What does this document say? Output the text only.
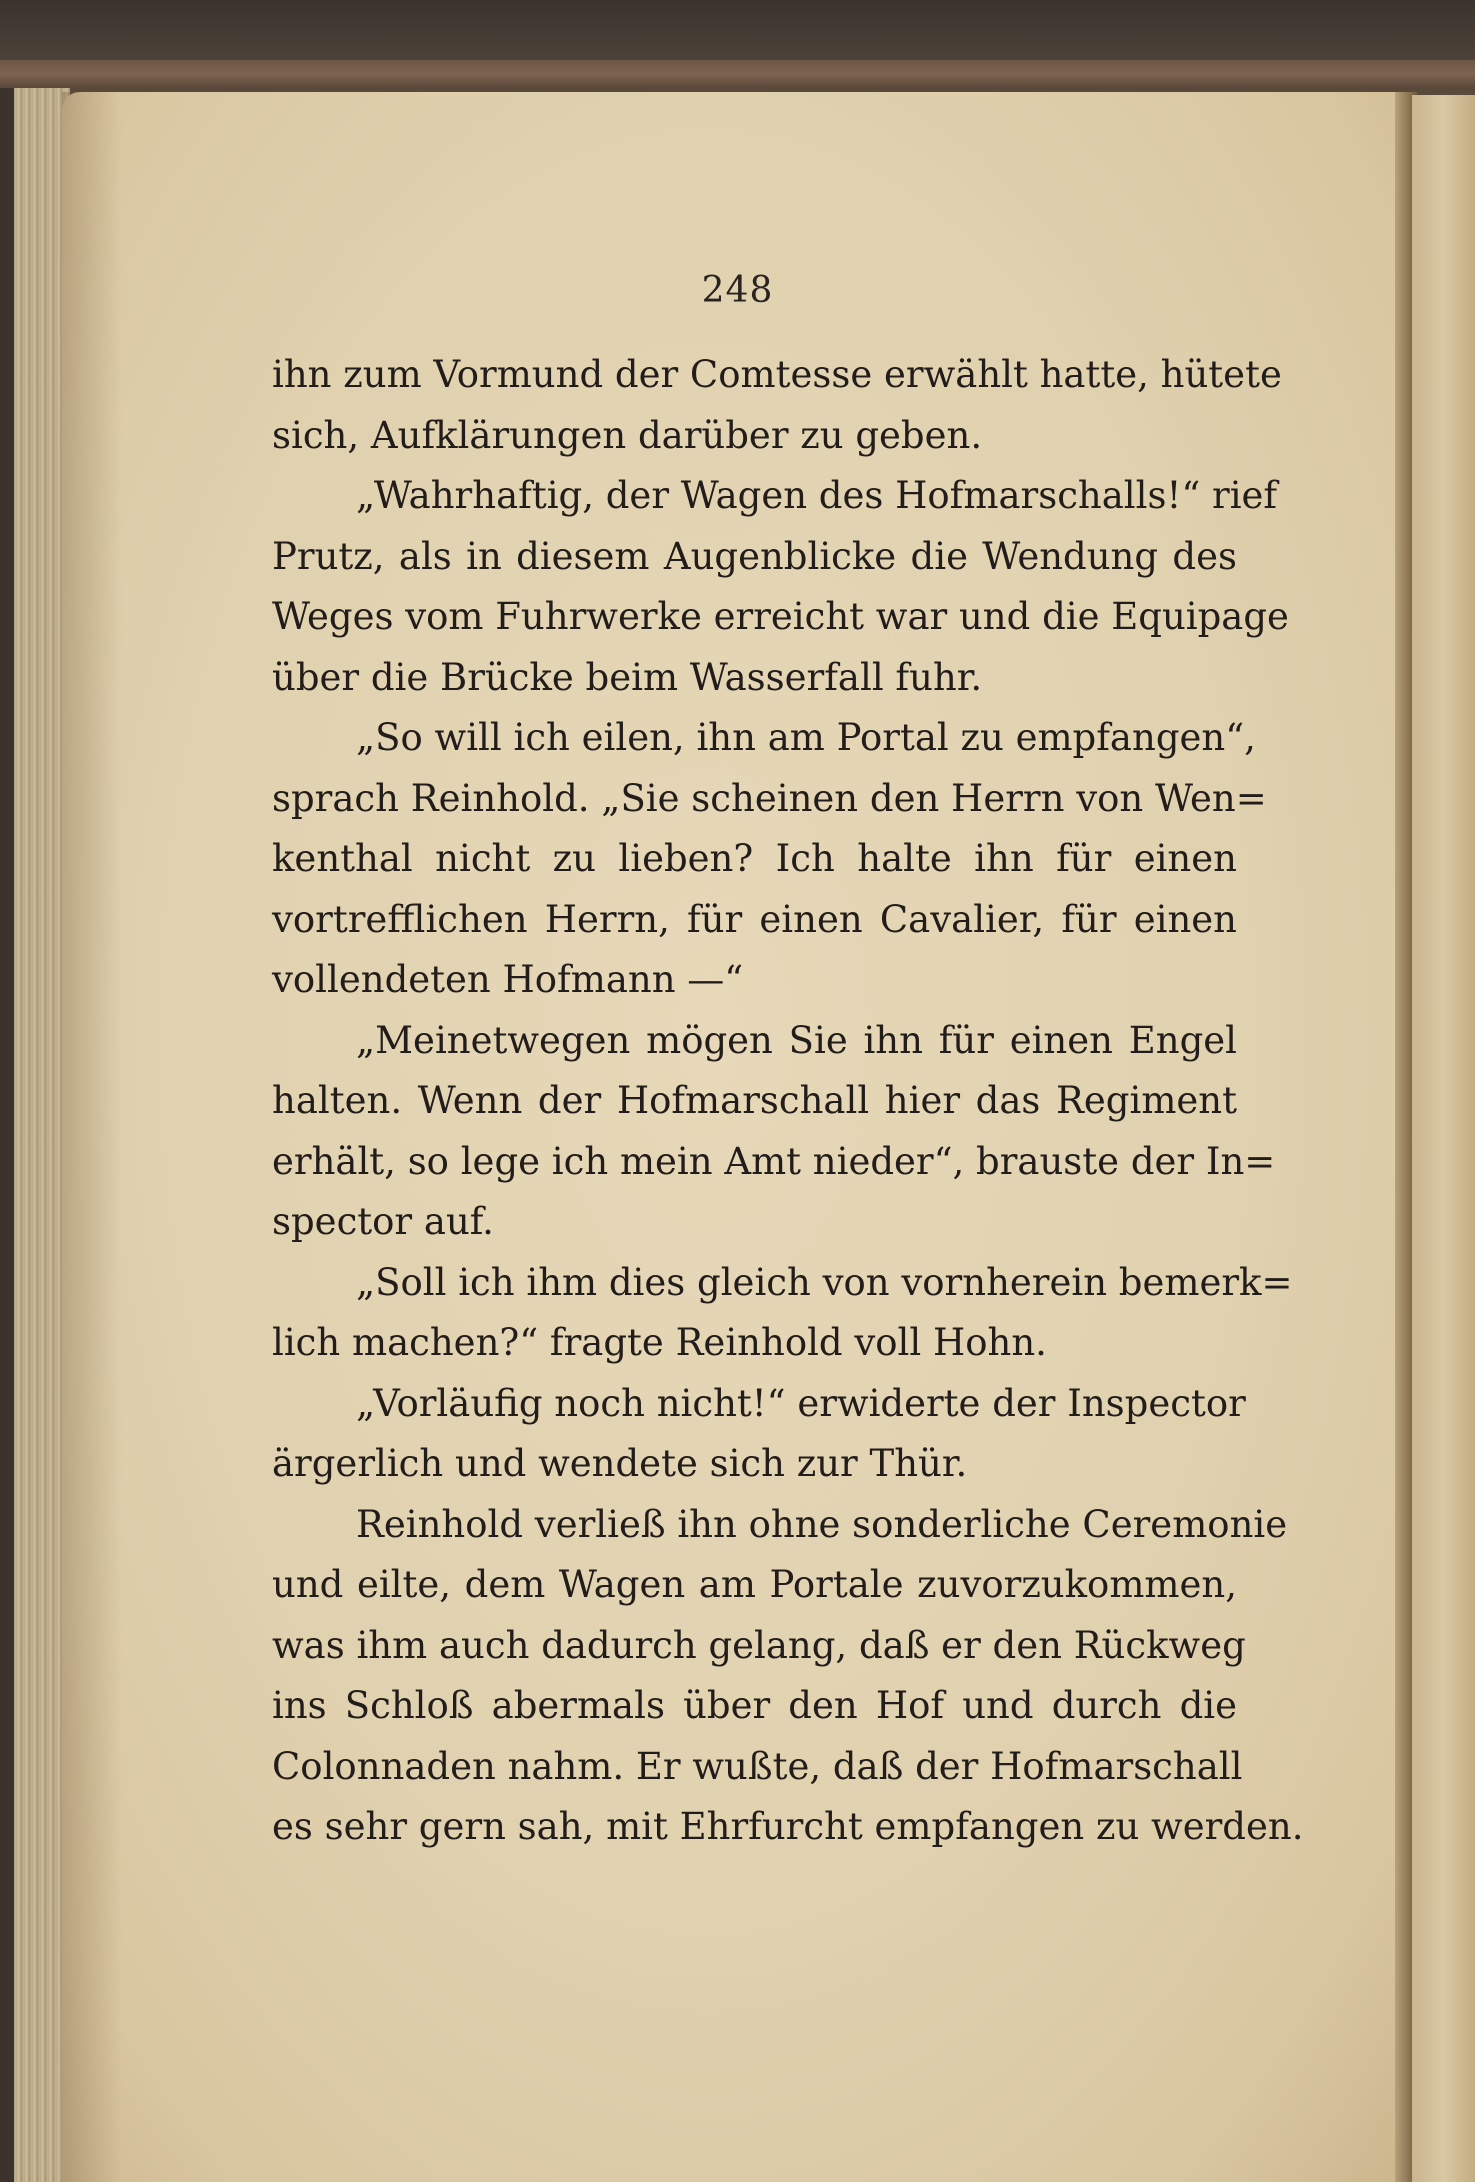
248
ihn zum Vormund der Comtesse erwählt hatte, hütete
sich, Aufklärungen darüber zu geben.
„Wahrhaftig, der Wagen des Hofmarschalls!“ rief
Prutz, als in diesem Augenblicke die Wendung des
Weges vom Fuhrwerke erreicht war und die Equipage
über die Brücke beim Wasserfall fuhr.
„So will ich eilen, ihn am Portal zu empfangen“,
sprach Reinhold. „Sie scheinen den Herrn von Wen=
kenthal nicht zu lieben? Ich halte ihn für einen
vortrefflichen Herrn, für einen Cavalier, für einen
vollendeten Hofmann —“
„Meinetwegen mögen Sie ihn für einen Engel
halten. Wenn der Hofmarschall hier das Regiment
erhält, so lege ich mein Amt nieder“, brauste der In=
spector auf.
„Soll ich ihm dies gleich von vornherein bemerk=
lich machen?“ fragte Reinhold voll Hohn.
„Vorläufig noch nicht!“ erwiderte der Inspector
ärgerlich und wendete sich zur Thür.
Reinhold verließ ihn ohne sonderliche Ceremonie
und eilte, dem Wagen am Portale zuvorzukommen,
was ihm auch dadurch gelang, daß er den Rückweg
ins Schloß abermals über den Hof und durch die
Colonnaden nahm. Er wußte, daß der Hofmarschall
es sehr gern sah, mit Ehrfurcht empfangen zu werden.
